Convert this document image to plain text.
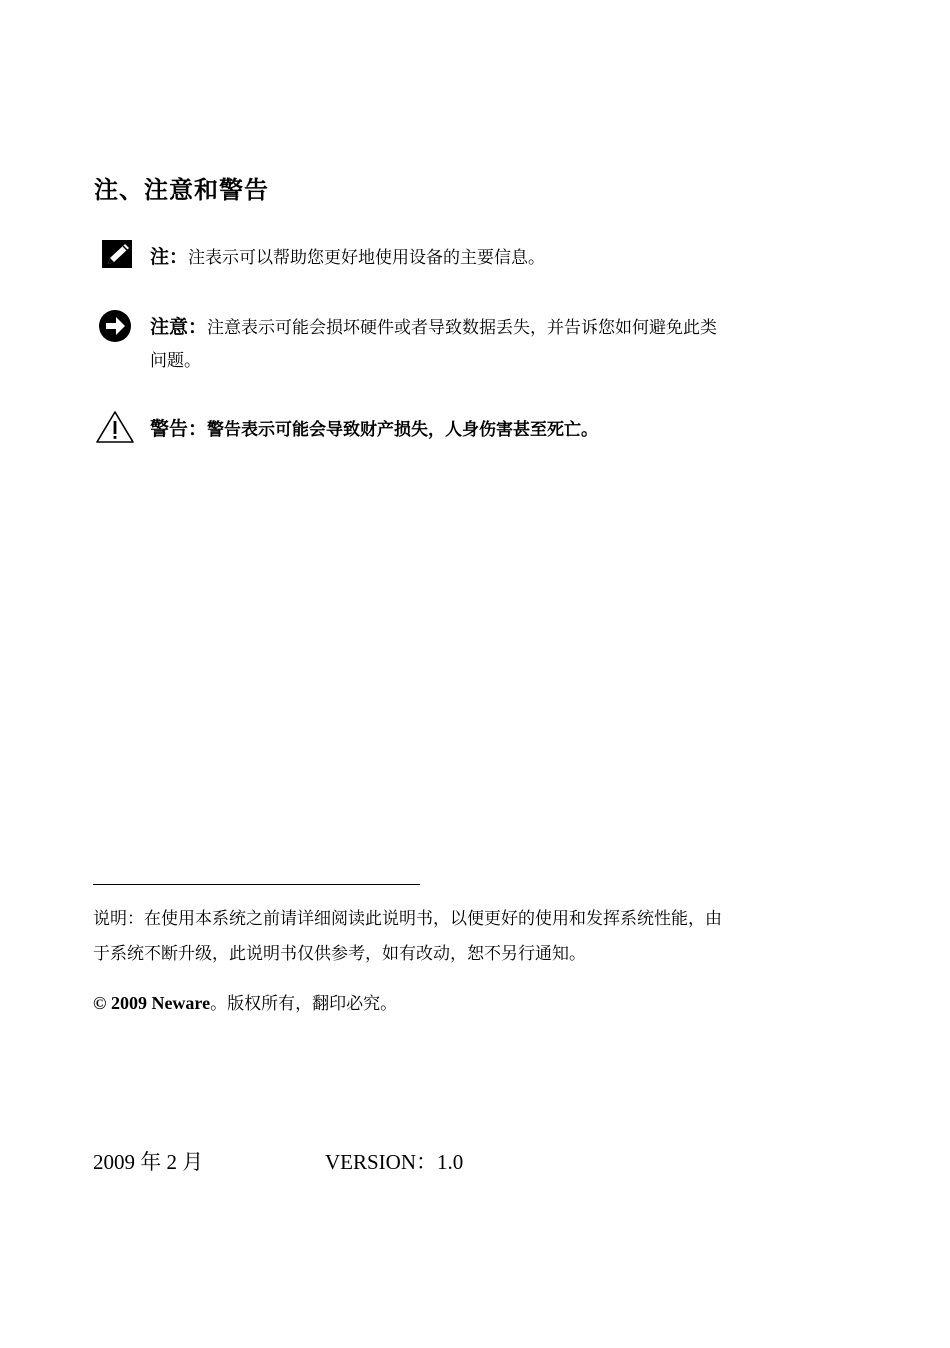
注、注意和警告
注：注表示可以帮助您更好地使用设备的主要信息。
注意：注意表示可能会损坏硬件或者导致数据丢失，并告诉您如何避免此类
问题。
警告：警告表示可能会导致财产损失，人身伤害甚至死亡。
说明：在使用本系统之前请详细阅读此说明书，以便更好的使用和发挥系统性能，由
于系统不断升级，此说明书仅供参考，如有改动，恕不另行通知。
© 2009 Neware。版权所有，翻印必究。
2009 年 2 月	VERSION：1.0
